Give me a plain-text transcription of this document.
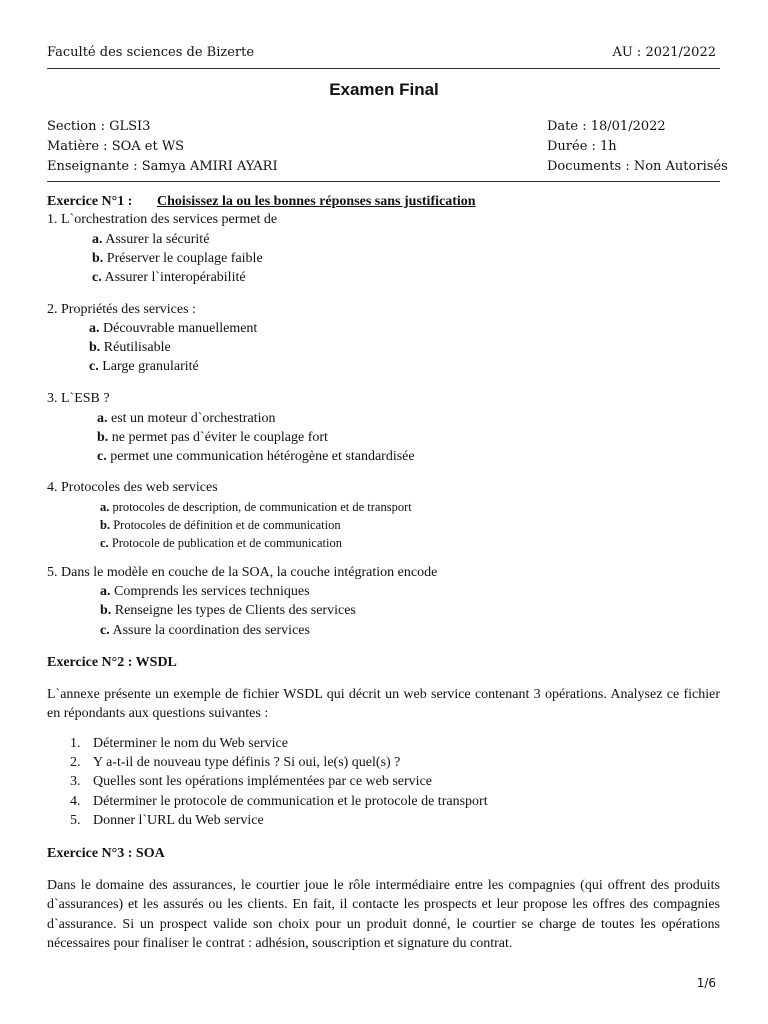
Faculté des sciences de Bizerte	AU : 2021/2022

Examen Final

Section : GLSI3

Matière : SOA et WS

Enseignante : Samya AMIRI AYARI

Date : 18/01/2022

Durée : 1h

Documents : Non Autorisés

Exercice N°1 : Choisissez la ou les bonnes réponses sans justification

1. L`orchestration des services permet de

a. Assurer la sécurité

b. Préserver le couplage faible

c. Assurer l`interopérabilité

2. Propriétés des services :

a. Découvrable manuellement

b. Réutilisable

c. Large granularité

3. L`ESB ?

a. est un moteur d`orchestration

b. ne permet pas d`éviter le couplage fort

c. permet une communication hétérogène et standardisée

4. Protocoles des web services

a. protocoles de description, de communication et de transport

b. Protocoles de définition et de communication

c. Protocole de publication et de communication

5. Dans le modèle en couche de la SOA, la couche intégration encode

a. Comprends les services techniques

b. Renseigne les types de Clients des services

c. Assure la coordination des services

Exercice N°2 : WSDL

L`annexe présente un exemple de fichier WSDL qui décrit un web service contenant 3 opérations. Analysez ce fichier en répondants aux questions suivantes :

1. Déterminer le nom du Web service

2. Y a-t-il de nouveau type définis ? Si oui, le(s) quel(s) ?

3. Quelles sont les opérations implémentées par ce web service

4. Déterminer le protocole de communication et le protocole de transport

5. Donner l`URL du Web service

Exercice N°3 : SOA

Dans le domaine des assurances, le courtier joue le rôle intermédiaire entre les compagnies (qui offrent des produits d`assurances) et les assurés ou les clients. En fait, il contacte les prospects et leur propose les offres des compagnies d`assurance. Si un prospect valide son choix pour un produit donné, le courtier se charge de toutes les opérations nécessaires pour finaliser le contrat : adhésion, souscription et signature du contrat.

1/6
